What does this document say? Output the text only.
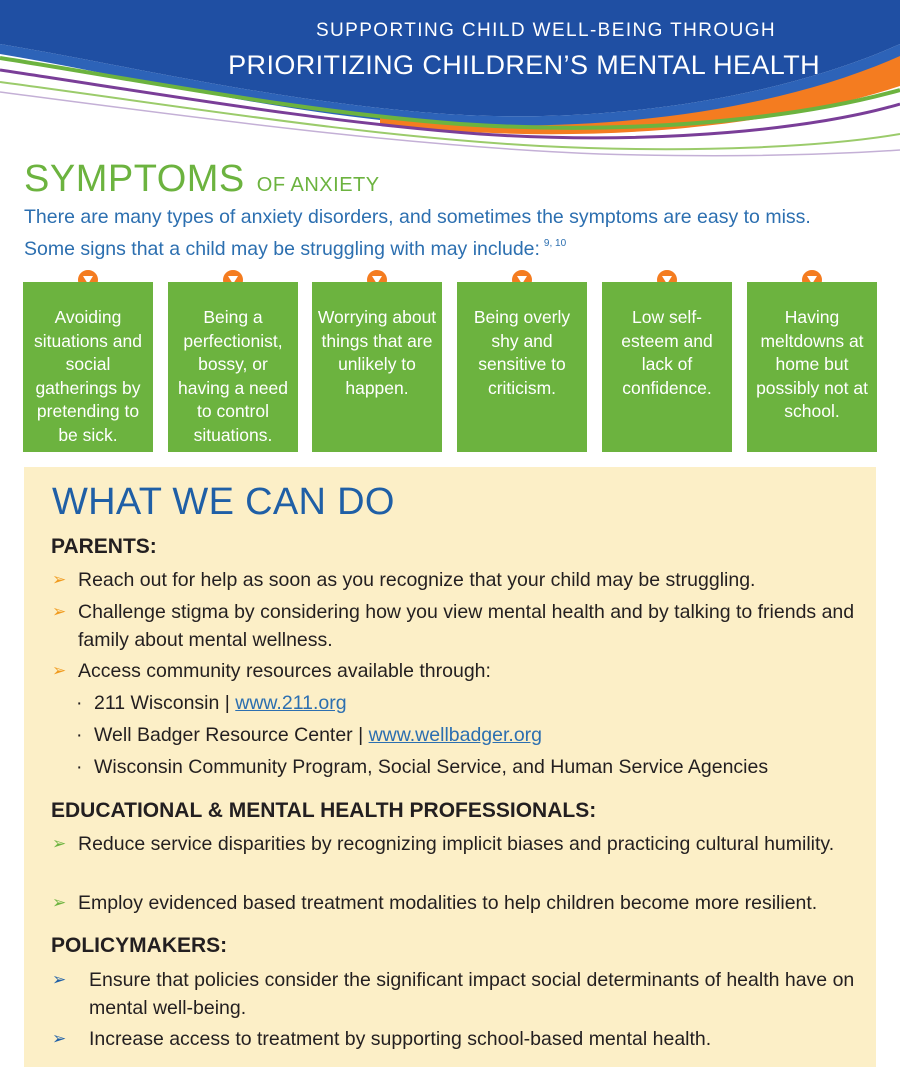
SUPPORTING CHILD WELL-BEING THROUGH

PRIORITIZING CHILDREN’S MENTAL HEALTH
SYMPTOMS OF ANXIETY

There are many types of anxiety disorders, and sometimes the symptoms are easy to miss.

Some signs that a child may be struggling with may include: $^{9, 10}$

Avoiding situations and social gatherings by pretending to be sick.
Being a perfectionist, bossy, or having a need to control situations.
Worrying about things that are unlikely to happen.
Being overly shy and sensitive to criticism.
Low self-esteem and lack of confidence.
Having meltdowns at home but possibly not at school.
WHAT WE CAN DO
PARENTS:
➢ Reach out for help as soon as you recognize that your child may be struggling.
➢ Challenge stigma by considering how you view mental health and by talking to friends and family about mental wellness.
➢ Access community resources available through:
· 211 Wisconsin | www.211.org
· Well Badger Resource Center | www.wellbadger.org
· Wisconsin Community Program, Social Service, and Human Service Agencies
EDUCATIONAL & MENTAL HEALTH PROFESSIONALS:
➢ Reduce service disparities by recognizing implicit biases and practicing cultural humility.
➢ Employ evidenced based treatment modalities to help children become more resilient.
POLICYMAKERS:
➢	Ensure that policies consider the significant impact social determinants of health have on mental well-being.
➢	Increase access to treatment by supporting school-based mental health.
